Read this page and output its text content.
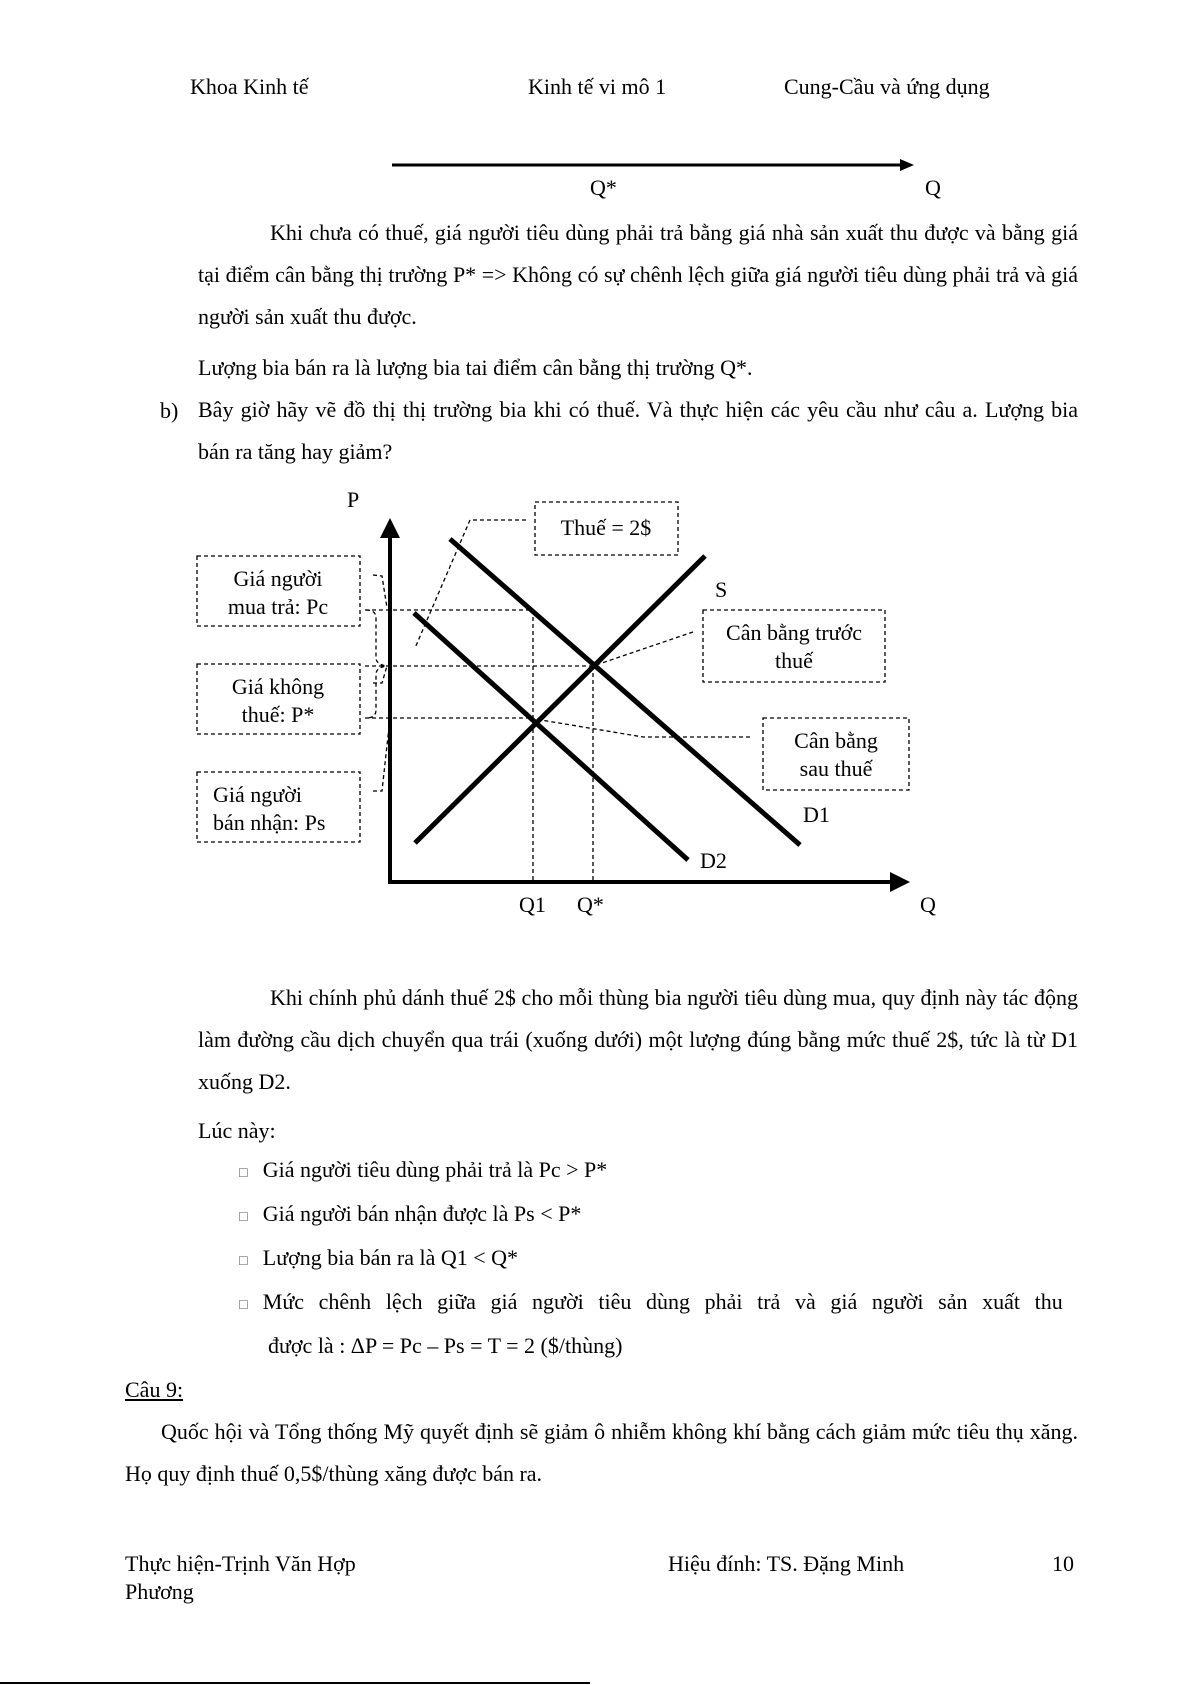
Khoa Kinh tế	Kinh tế vi mô 1	Cung-Cầu và ứng dụng
Q*	Q
Khi chưa có thuế, giá người tiêu dùng phải trả bằng giá nhà sản xuất thu được và bằng giá tại điểm cân bằng thị trường P* => Không có sự chênh lệch giữa giá người tiêu dùng phải trả và giá người sản xuất thu được.
Lượng bia bán ra là lượng bia tai điểm cân bằng thị trường Q*.
b) Bây giờ hãy vẽ đồ thị thị trường bia khi có thuế. Và thực hiện các yêu cầu như câu a. Lượng bia bán ra tăng hay giảm?
P
Q
Q1 Q*
S
D1
D2
Thuế = 2$
Giá người
mua trả: Pc
Giá không
thuế: P*
Giá người
bán nhận: Ps
Cân bằng trước
thuế
Cân bằng
sau thuế
Khi chính phủ dánh thuế 2$ cho mỗi thùng bia người tiêu dùng mua, quy định này tác động làm đường cầu dịch chuyển qua trái (xuống dưới) một lượng đúng bằng mức thuế 2$, tức là từ D1 xuống D2.
Lúc này:
☐ Giá người tiêu dùng phải trả là Pc > P*
☐ Giá người bán nhận được là Ps < P*
☐ Lượng bia bán ra là Q1 < Q*
☐ Mức chênh lệch giữa giá người tiêu dùng phải trả và giá người sản xuất thu
được là : ΔP = Pc – Ps = T = 2 ($/thùng)
Câu 9:
Quốc hội và Tổng thống Mỹ quyết định sẽ giảm ô nhiễm không khí bằng cách giảm mức tiêu thụ xăng. Họ quy định thuế 0,5$/thùng xăng được bán ra.
Thực hiện-Trịnh Văn Hợp
Phương
Hiệu đính: TS. Đặng Minh	10
